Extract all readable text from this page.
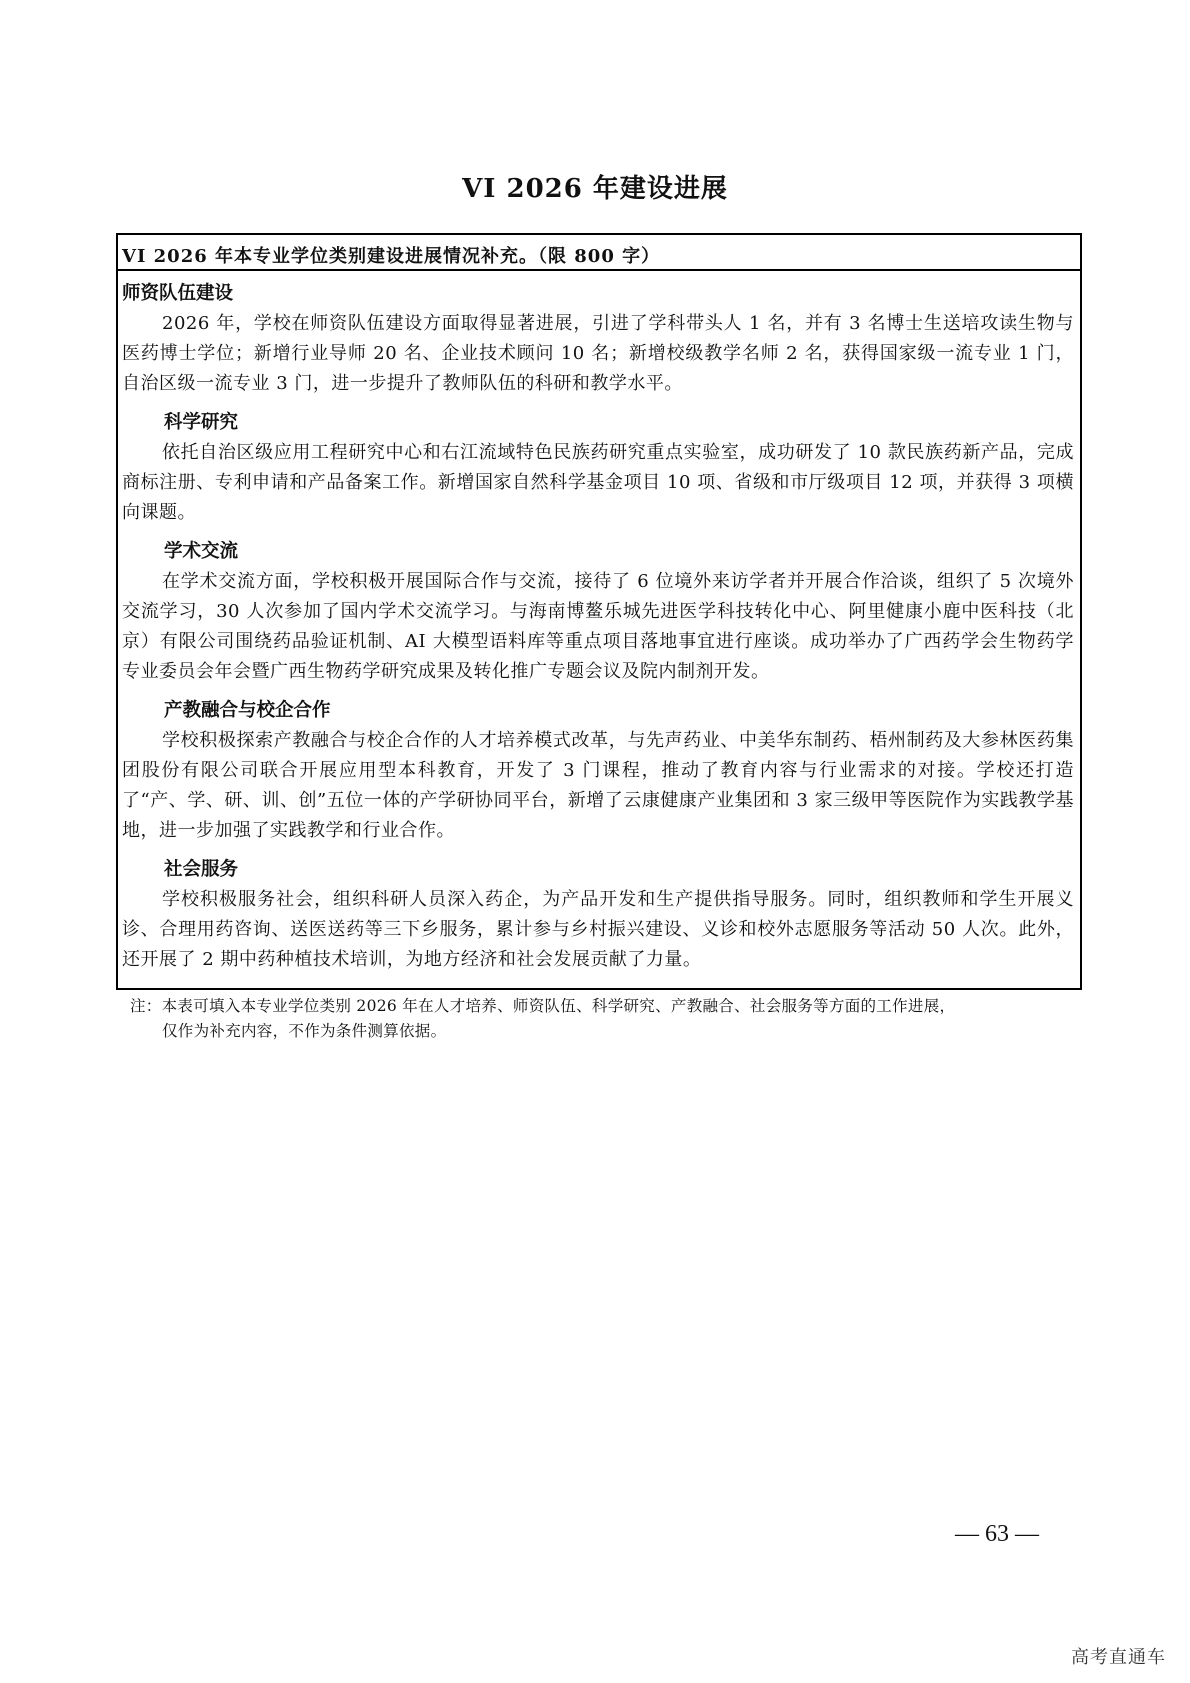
VI 2026 年建设进展
VI 2026 年本专业学位类别建设进展情况补充。（限 800 字）
师资队伍建设
2026 年，学校在师资队伍建设方面取得显著进展，引进了学科带头人 1 名，并有 3 名博士生送培攻读生物与医药博士学位；新增行业导师 20 名、企业技术顾问 10 名；新增校级教学名师 2 名，获得国家级一流专业 1 门，自治区级一流专业 3 门，进一步提升了教师队伍的科研和教学水平。
科学研究
依托自治区级应用工程研究中心和右江流域特色民族药研究重点实验室，成功研发了 10 款民族药新产品，完成商标注册、专利申请和产品备案工作。新增国家自然科学基金项目 10 项、省级和市厅级项目 12 项，并获得 3 项横向课题。
学术交流
在学术交流方面，学校积极开展国际合作与交流，接待了 6 位境外来访学者并开展合作洽谈，组织了 5 次境外交流学习，30 人次参加了国内学术交流学习。与海南博鳌乐城先进医学科技转化中心、阿里健康小鹿中医科技（北京）有限公司围绕药品验证机制、AI 大模型语料库等重点项目落地事宜进行座谈。成功举办了广西药学会生物药学专业委员会年会暨广西生物药学研究成果及转化推广专题会议及院内制剂开发。
产教融合与校企合作
学校积极探索产教融合与校企合作的人才培养模式改革，与先声药业、中美华东制药、梧州制药及大参林医药集团股份有限公司联合开展应用型本科教育，开发了 3 门课程，推动了教育内容与行业需求的对接。学校还打造了“产、学、研、训、创”五位一体的产学研协同平台，新增了云康健康产业集团和 3 家三级甲等医院作为实践教学基地，进一步加强了实践教学和行业合作。
社会服务
学校积极服务社会，组织科研人员深入药企，为产品开发和生产提供指导服务。同时，组织教师和学生开展义诊、合理用药咨询、送医送药等三下乡服务，累计参与乡村振兴建设、义诊和校外志愿服务等活动 50 人次。此外，还开展了 2 期中药种植技术培训，为地方经济和社会发展贡献了力量。
注：本表可填入本专业学位类别 2026 年在人才培养、师资队伍、科学研究、产教融合、社会服务等方面的工作进展，
仅作为补充内容，不作为条件测算依据。
— 63 —
高考直通车
